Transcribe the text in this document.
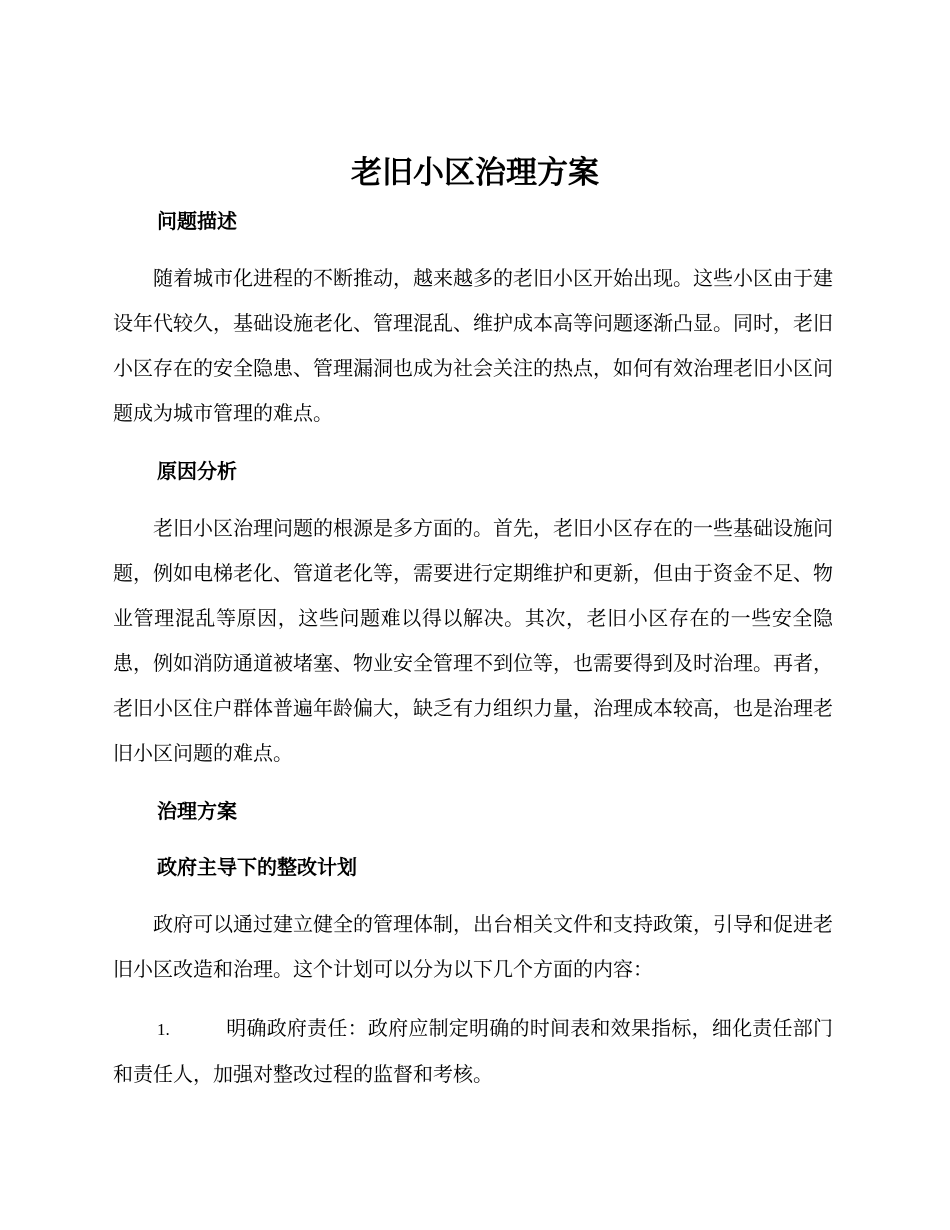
老旧小区治理方案
问题描述

随着城市化进程的不断推动，越来越多的老旧小区开始出现。这些小区由于建设年代较久，基础设施老化、管理混乱、维护成本高等问题逐渐凸显。同时，老旧小区存在的安全隐患、管理漏洞也成为社会关注的热点，如何有效治理老旧小区问题成为城市管理的难点。

原因分析

老旧小区治理问题的根源是多方面的。首先，老旧小区存在的一些基础设施问题，例如电梯老化、管道老化等，需要进行定期维护和更新，但由于资金不足、物业管理混乱等原因，这些问题难以得以解决。其次，老旧小区存在的一些安全隐患，例如消防通道被堵塞、物业安全管理不到位等，也需要得到及时治理。再者，老旧小区住户群体普遍年龄偏大，缺乏有力组织力量，治理成本较高，也是治理老旧小区问题的难点。

治理方案
政府主导下的整改计划

政府可以通过建立健全的管理体制，出台相关文件和支持政策，引导和促进老旧小区改造和治理。这个计划可以分为以下几个方面的内容：

1.	明确政府责任：政府应制定明确的时间表和效果指标，细化责任部门和责任人，加强对整改过程的监督和考核。
